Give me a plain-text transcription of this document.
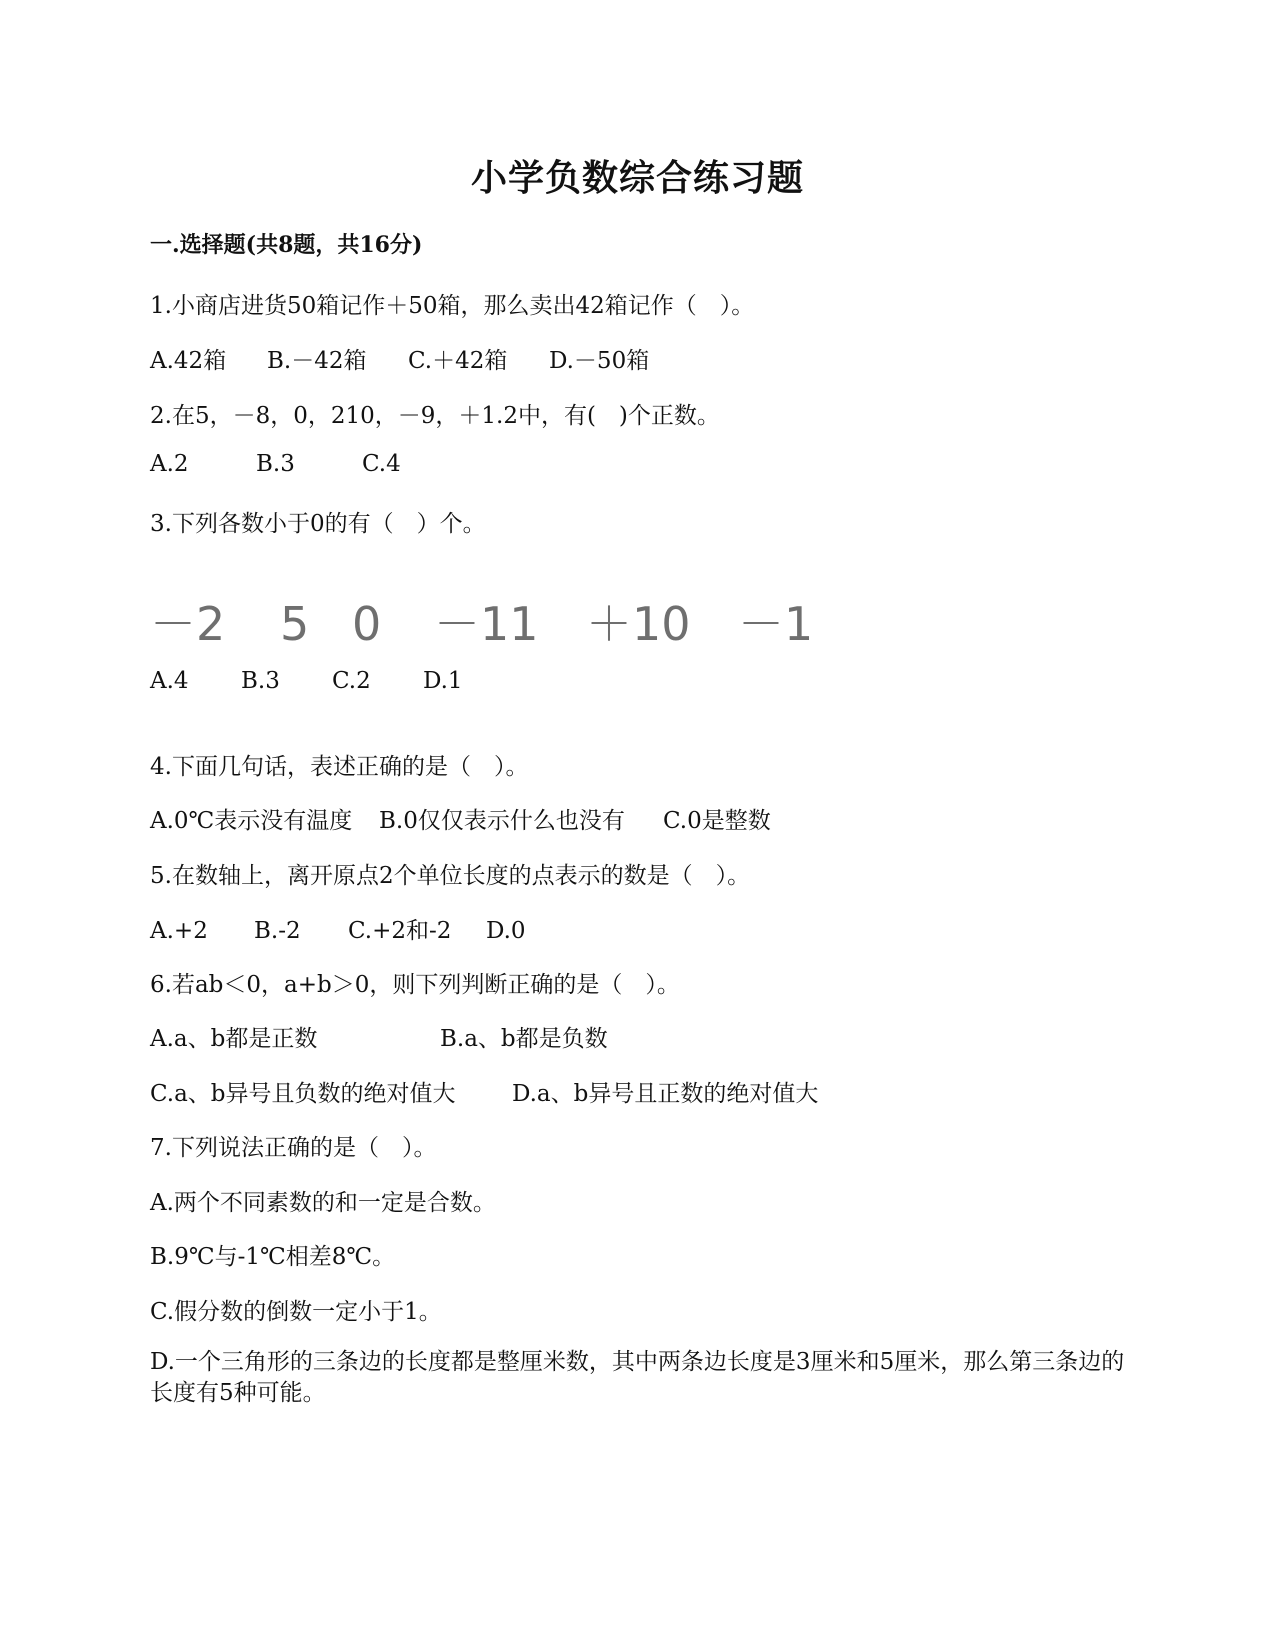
小学负数综合练习题
一.选择题(共8题，共16分)
1.小商店进货50箱记作＋50箱，那么卖出42箱记作（　）。
A.42箱 B.－42箱 C.＋42箱 D.－50箱
2.在5，－8，0，210，－9，＋1.2中，有(　)个正数。
A.2	B.3	C.4
3.下列各数小于0的有（　）个。
－2 5 0 －11 ＋10 －1
A.4 B.3 C.2 D.1
4.下面几句话，表述正确的是（　）。
A.0℃表示没有温度 B.0仅仅表示什么也没有 C.0是整数
5.在数轴上，离开原点2个单位长度的点表示的数是（　）。
A.+2 B.-2 C.+2和-2 D.0
6.若ab＜0，a+b＞0，则下列判断正确的是（　）。
A.a、b都是正数	B.a、b都是负数
C.a、b异号且负数的绝对值大 D.a、b异号且正数的绝对值大
7.下列说法正确的是（　）。
A.两个不同素数的和一定是合数。
B.9℃与-1℃相差8℃。
C.假分数的倒数一定小于1。
D.一个三角形的三条边的长度都是整厘米数，其中两条边长度是3厘米和5厘米，那么第三条边的长度有5种可能。
